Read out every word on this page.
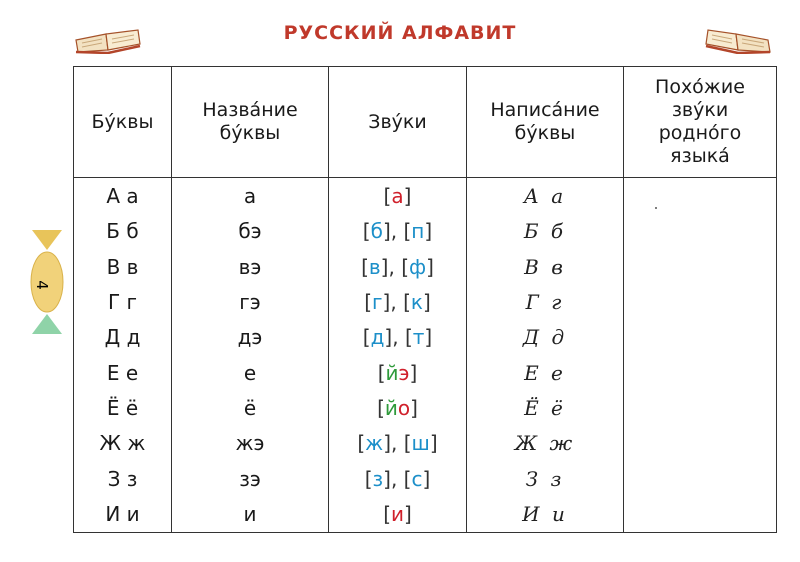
РУССКИЙ АЛФАВИТ
4
Бу́квы	Назва́ние бу́квы	Зву́ки	Написа́ние бу́квы	Похо́жие зву́ки родно́го языка́
А а	а	[а]	А а	
Б б	бэ	[б], [п]	Б б	
В в	вэ	[в], [ф]	В в	
Г г	гэ	[г], [к]	Г г	
Д д	дэ	[д], [т]	Д д	
Е е	е	[йэ]	Е е	
Ё ё	ё	[йо]	Ё ё	
Ж ж	жэ	[ж], [ш]	Ж ж	
З з	зэ	[з], [с]	З з	
И и	и	[и]	И и	
